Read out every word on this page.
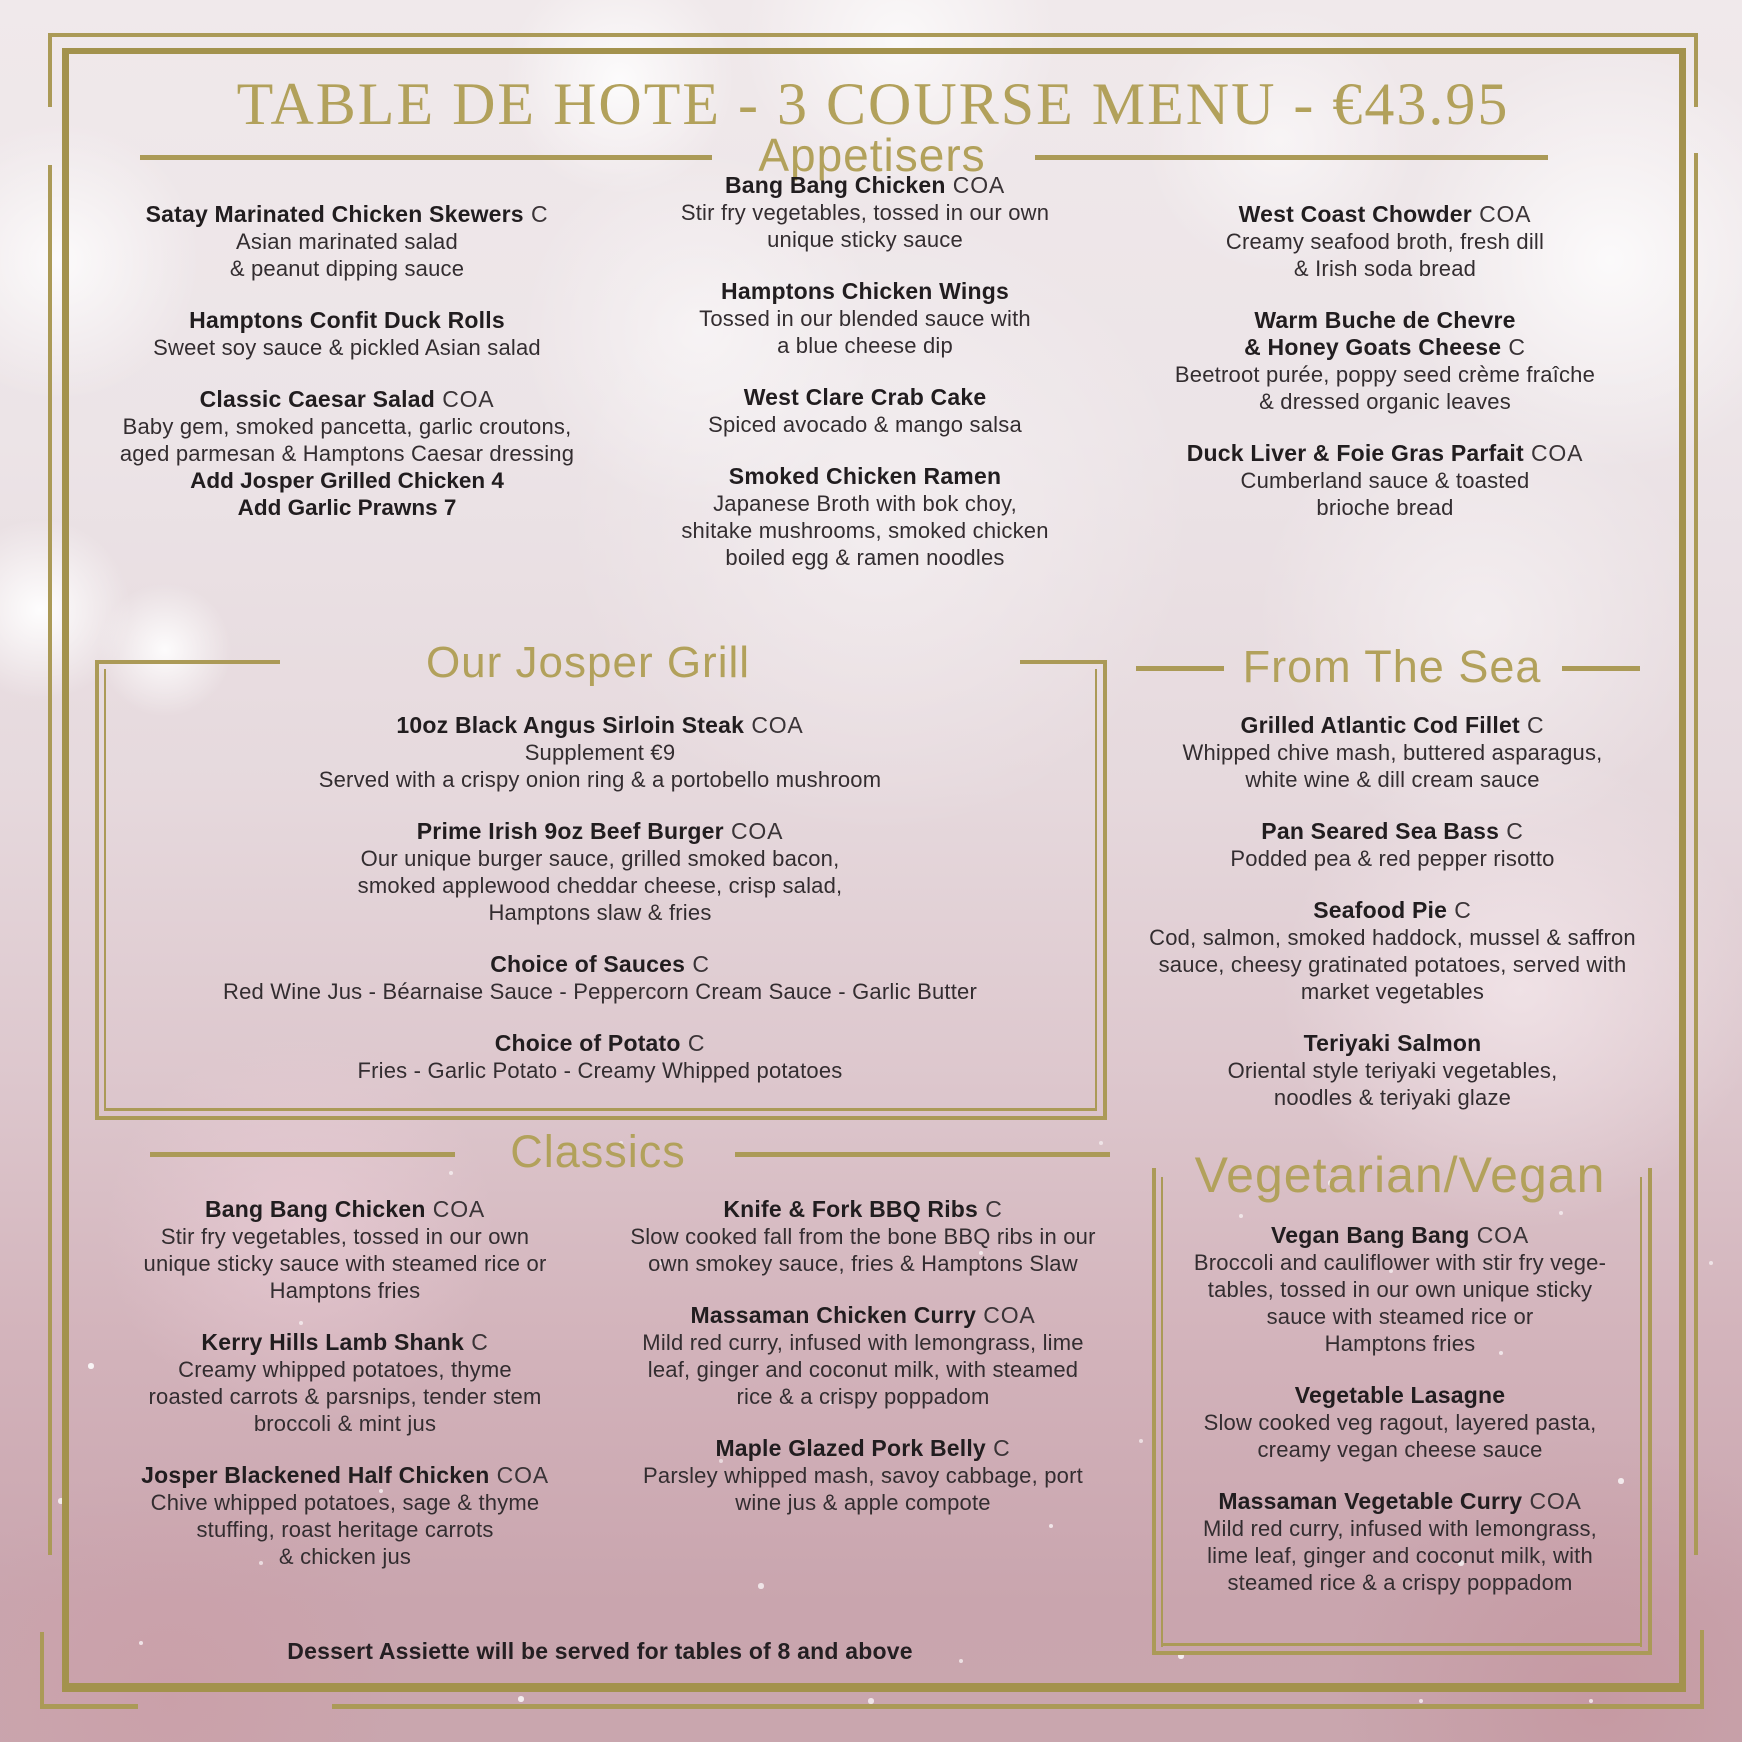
TABLE DE HOTE - 3 COURSE MENU - €43.95
Appetisers
Satay Marinated Chicken Skewers C
Asian marinated salad
& peanut dipping sauce
Hamptons Confit Duck Rolls
Sweet soy sauce & pickled Asian salad
Classic Caesar Salad COA
Baby gem, smoked pancetta, garlic croutons,
aged parmesan & Hamptons Caesar dressing
Add Josper Grilled Chicken 4
Add Garlic Prawns 7
Bang Bang Chicken COA
Stir fry vegetables, tossed in our own
unique sticky sauce
Hamptons Chicken Wings
Tossed in our blended sauce with
a blue cheese dip
West Clare Crab Cake
Spiced avocado & mango salsa
Smoked Chicken Ramen
Japanese Broth with bok choy,
shitake mushrooms, smoked chicken
boiled egg & ramen noodles
West Coast Chowder COA
Creamy seafood broth, fresh dill
& Irish soda bread
Warm Buche de Chevre
& Honey Goats Cheese C
Beetroot purée, poppy seed crème fraîche
& dressed organic leaves
Duck Liver & Foie Gras Parfait COA
Cumberland sauce & toasted
brioche bread
Our Josper Grill
10oz Black Angus Sirloin Steak COA
Supplement €9
Served with a crispy onion ring & a portobello mushroom
Prime Irish 9oz Beef Burger COA
Our unique burger sauce, grilled smoked bacon,
smoked applewood cheddar cheese, crisp salad,
Hamptons slaw & fries
Choice of Sauces C
Red Wine Jus - Béarnaise Sauce - Peppercorn Cream Sauce - Garlic Butter
Choice of Potato C
Fries - Garlic Potato - Creamy Whipped potatoes
From The Sea
Grilled Atlantic Cod Fillet C
Whipped chive mash, buttered asparagus,
white wine & dill cream sauce
Pan Seared Sea Bass C
Podded pea & red pepper risotto
Seafood Pie C
Cod, salmon, smoked haddock, mussel & saffron
sauce, cheesy gratinated potatoes, served with
market vegetables
Teriyaki Salmon
Oriental style teriyaki vegetables,
noodles & teriyaki glaze
Classics
Bang Bang Chicken COA
Stir fry vegetables, tossed in our own
unique sticky sauce with steamed rice or
Hamptons fries
Kerry Hills Lamb Shank C
Creamy whipped potatoes, thyme
roasted carrots & parsnips, tender stem
broccoli & mint jus
Josper Blackened Half Chicken COA
Chive whipped potatoes, sage & thyme
stuffing, roast heritage carrots
& chicken jus
Knife & Fork BBQ Ribs C
Slow cooked fall from the bone BBQ ribs in our
own smokey sauce, fries & Hamptons Slaw
Massaman Chicken Curry COA
Mild red curry, infused with lemongrass, lime
leaf, ginger and coconut milk, with steamed
rice & a crispy poppadom
Maple Glazed Pork Belly C
Parsley whipped mash, savoy cabbage, port
wine jus & apple compote
Vegetarian/Vegan
Vegan Bang Bang COA
Broccoli and cauliflower with stir fry vege-
tables, tossed in our own unique sticky
sauce with steamed rice or
Hamptons fries
Vegetable Lasagne
Slow cooked veg ragout, layered pasta,
creamy vegan cheese sauce
Massaman Vegetable Curry COA
Mild red curry, infused with lemongrass,
lime leaf, ginger and coconut milk, with
steamed rice & a crispy poppadom
Dessert Assiette will be served for tables of 8 and above
